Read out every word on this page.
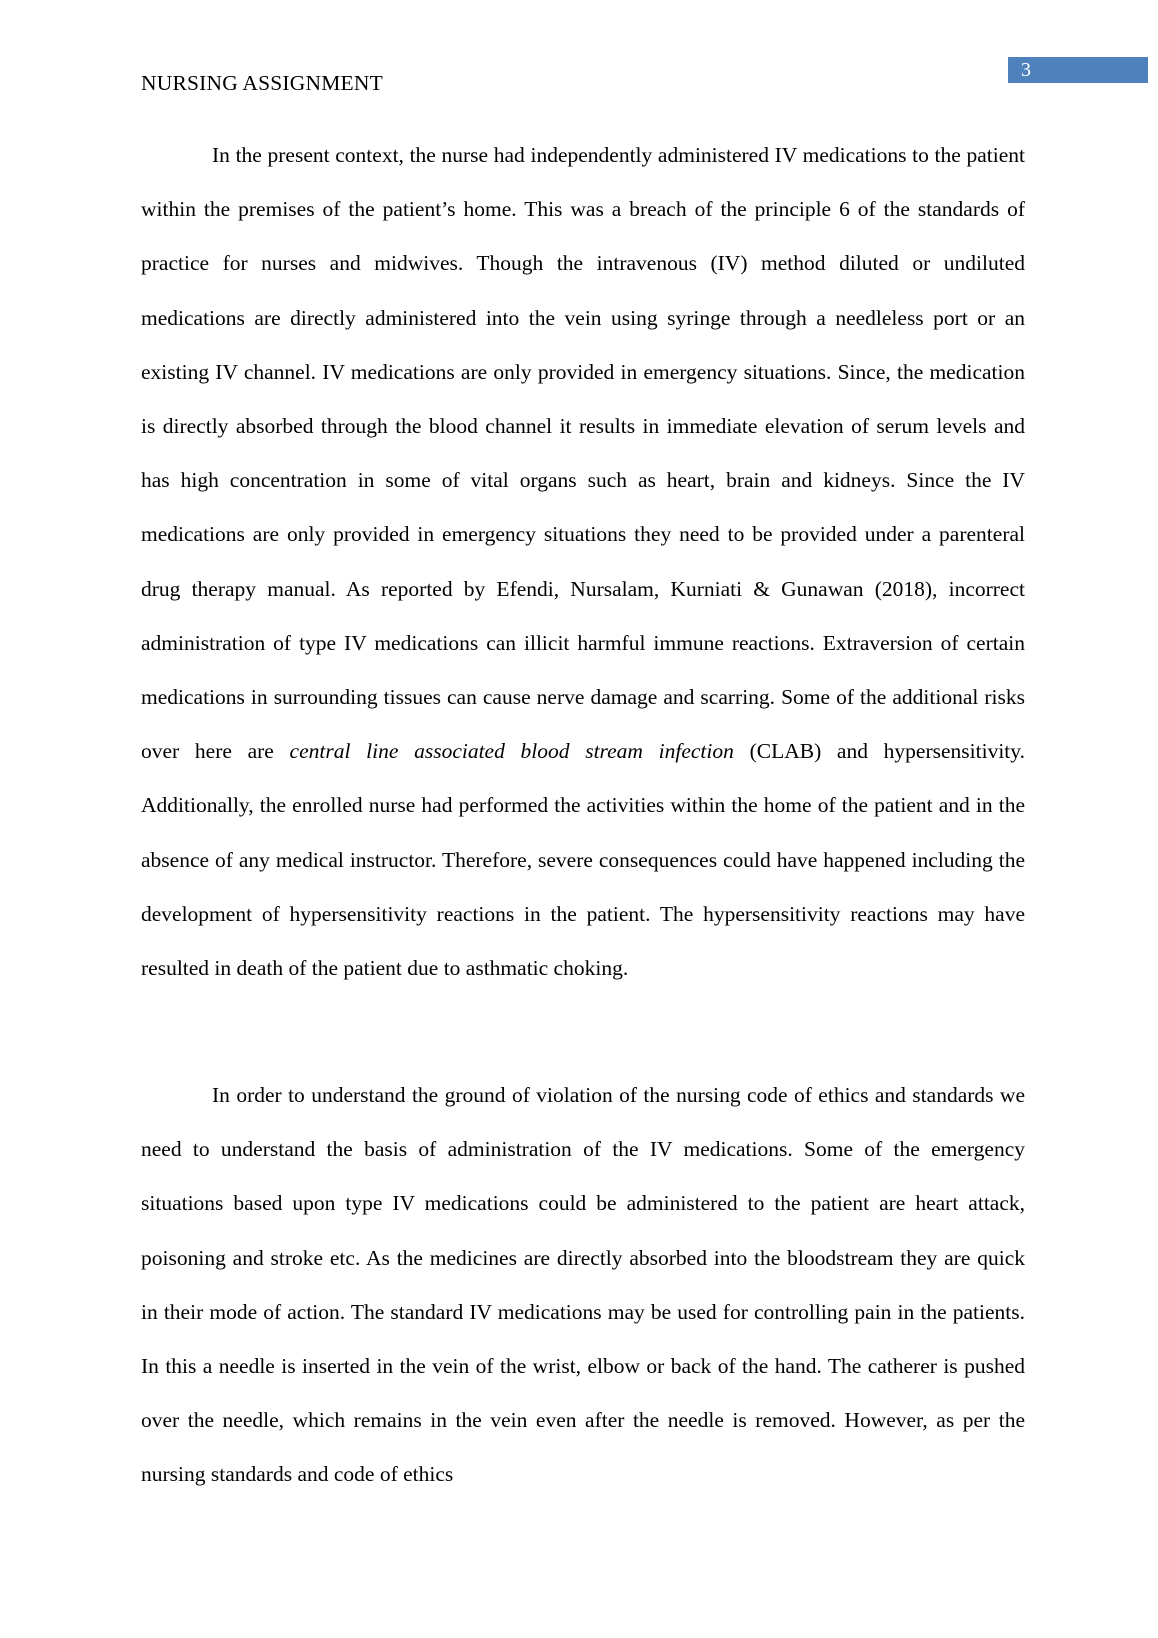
3
NURSING ASSIGNMENT

In the present context, the nurse had independently administered IV medications to the patient within the premises of the patient’s home. This was a breach of the principle 6 of the standards of practice for nurses and midwives. Though the intravenous (IV) method diluted or undiluted medications are directly administered into the vein using syringe through a needleless port or an existing IV channel. IV medications are only provided in emergency situations. Since, the medication is directly absorbed through the blood channel it results in immediate elevation of serum levels and has high concentration in some of vital organs such as heart, brain and kidneys. Since the IV medications are only provided in emergency situations they need to be provided under a parenteral drug therapy manual. As reported by Efendi, Nursalam, Kurniati & Gunawan (2018), incorrect administration of type IV medications can illicit harmful immune reactions. Extraversion of certain medications in surrounding tissues can cause nerve damage and scarring. Some of the additional risks over here are central line associated blood stream infection (CLAB) and hypersensitivity. Additionally, the enrolled nurse had performed the activities within the home of the patient and in the absence of any medical instructor. Therefore, severe consequences could have happened including the development of hypersensitivity reactions in the patient. The hypersensitivity reactions may have resulted in death of the patient due to asthmatic choking.

In order to understand the ground of violation of the nursing code of ethics and standards we need to understand the basis of administration of the IV medications. Some of the emergency situations based upon type IV medications could be administered to the patient are heart attack, poisoning and stroke etc. As the medicines are directly absorbed into the bloodstream they are quick in their mode of action. The standard IV medications may be used for controlling pain in the patients. In this a needle is inserted in the vein of the wrist, elbow or back of the hand. The catherer is pushed over the needle, which remains in the vein even after the needle is removed. However, as per the nursing standards and code of ethics
